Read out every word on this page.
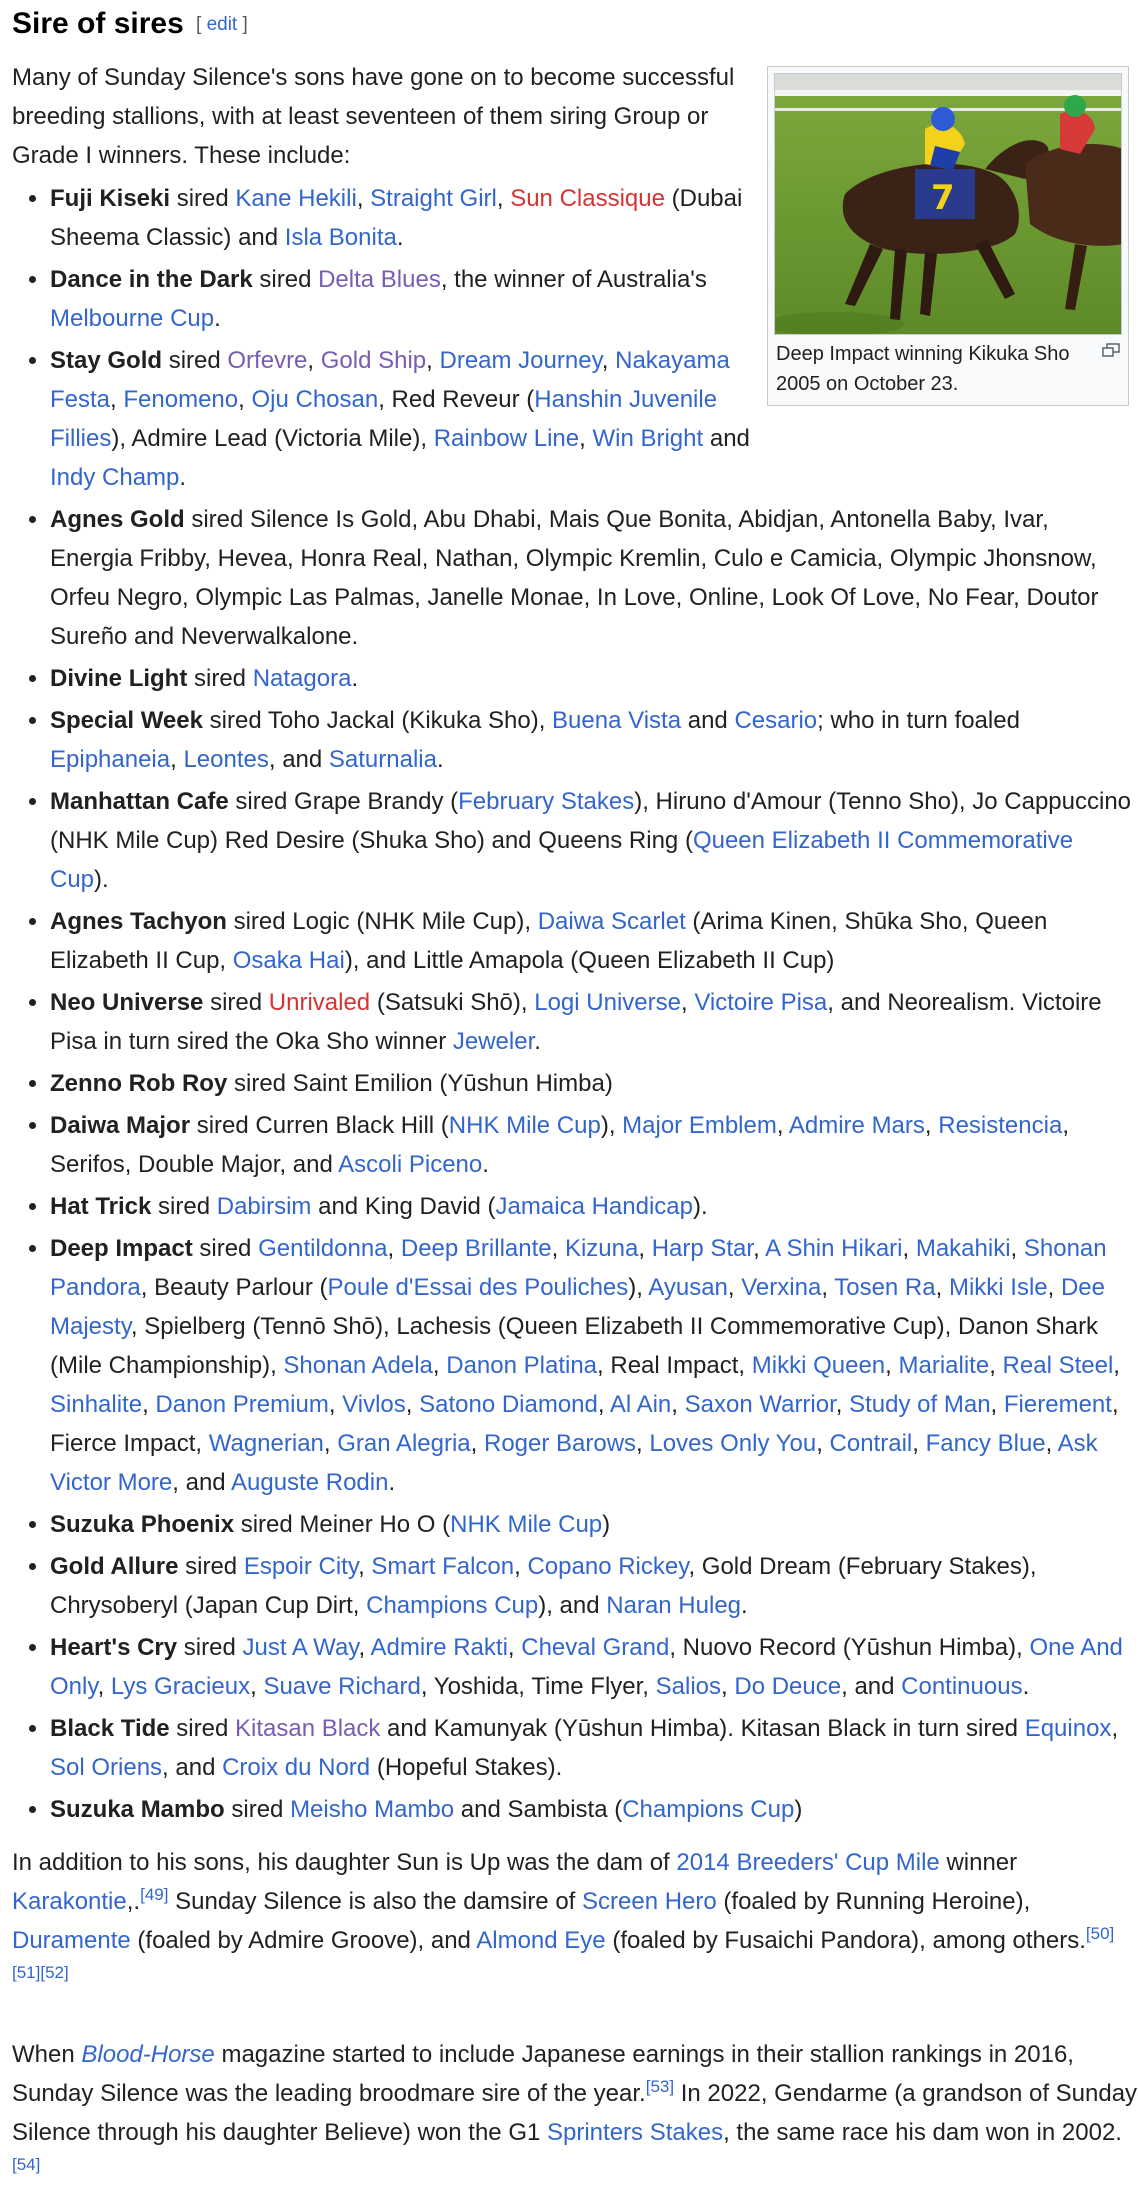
Sire of sires [ edit ]
7
Deep Impact winning Kikuka Sho 2005 on October 23.

Many of Sunday Silence's sons have gone on to become successful breeding stallions, with at least seventeen of them siring Group or Grade I winners. These include:

• Fuji Kiseki sired Kane Hekili, Straight Girl, Sun Classique (Dubai Sheema Classic) and Isla Bonita.
• Dance in the Dark sired Delta Blues, the winner of Australia's Melbourne Cup.
• Stay Gold sired Orfevre, Gold Ship, Dream Journey, Nakayama Festa, Fenomeno, Oju Chosan, Red Reveur (Hanshin Juvenile Fillies), Admire Lead (Victoria Mile), Rainbow Line, Win Bright and Indy Champ.
• Agnes Gold sired Silence Is Gold, Abu Dhabi, Mais Que Bonita, Abidjan, Antonella Baby, Ivar, Energia Fribby, Hevea, Honra Real, Nathan, Olympic Kremlin, Culo e Camicia, Olympic Jhonsnow, Orfeu Negro, Olympic Las Palmas, Janelle Monae, In Love, Online, Look Of Love, No Fear, Doutor Sureño and Neverwalkalone.
• Divine Light sired Natagora.
• Special Week sired Toho Jackal (Kikuka Sho), Buena Vista and Cesario; who in turn foaled Epiphaneia, Leontes, and Saturnalia.
• Manhattan Cafe sired Grape Brandy (February Stakes), Hiruno d'Amour (Tenno Sho), Jo Cappuccino (NHK Mile Cup) Red Desire (Shuka Sho) and Queens Ring (Queen Elizabeth II Commemorative Cup).
• Agnes Tachyon sired Logic (NHK Mile Cup), Daiwa Scarlet (Arima Kinen, Shūka Sho, Queen Elizabeth II Cup, Osaka Hai), and Little Amapola (Queen Elizabeth II Cup)
• Neo Universe sired Unrivaled (Satsuki Shō), Logi Universe, Victoire Pisa, and Neorealism. Victoire Pisa in turn sired the Oka Sho winner Jeweler.
• Zenno Rob Roy sired Saint Emilion (Yūshun Himba)
• Daiwa Major sired Curren Black Hill (NHK Mile Cup), Major Emblem, Admire Mars, Resistencia, Serifos, Double Major, and Ascoli Piceno.
• Hat Trick sired Dabirsim and King David (Jamaica Handicap).
• Deep Impact sired Gentildonna, Deep Brillante, Kizuna, Harp Star, A Shin Hikari, Makahiki, Shonan Pandora, Beauty Parlour (Poule d'Essai des Pouliches), Ayusan, Verxina, Tosen Ra, Mikki Isle, Dee Majesty, Spielberg (Tennō Shō), Lachesis (Queen Elizabeth II Commemorative Cup), Danon Shark (Mile Championship), Shonan Adela, Danon Platina, Real Impact, Mikki Queen, Marialite, Real Steel, Sinhalite, Danon Premium, Vivlos, Satono Diamond, Al Ain, Saxon Warrior, Study of Man, Fierement, Fierce Impact, Wagnerian, Gran Alegria, Roger Barows, Loves Only You, Contrail, Fancy Blue, Ask Victor More, and Auguste Rodin.
• Suzuka Phoenix sired Meiner Ho O (NHK Mile Cup)
• Gold Allure sired Espoir City, Smart Falcon, Copano Rickey, Gold Dream (February Stakes), Chrysoberyl (Japan Cup Dirt, Champions Cup), and Naran Huleg.
• Heart's Cry sired Just A Way, Admire Rakti, Cheval Grand, Nuovo Record (Yūshun Himba), One And Only, Lys Gracieux, Suave Richard, Yoshida, Time Flyer, Salios, Do Deuce, and Continuous.
• Black Tide sired Kitasan Black and Kamunyak (Yūshun Himba). Kitasan Black in turn sired Equinox, Sol Oriens, and Croix du Nord (Hopeful Stakes).
• Suzuka Mambo sired Meisho Mambo and Sambista (Champions Cup)

In addition to his sons, his daughter Sun is Up was the dam of 2014 Breeders' Cup Mile winner Karakontie,.[49] Sunday Silence is also the damsire of Screen Hero (foaled by Running Heroine), Duramente (foaled by Admire Groove), and Almond Eye (foaled by Fusaichi Pandora), among others.[50][51][52]

When Blood-Horse magazine started to include Japanese earnings in their stallion rankings in 2016, Sunday Silence was the leading broodmare sire of the year.[53] In 2022, Gendarme (a grandson of Sunday Silence through his daughter Believe) won the G1 Sprinters Stakes, the same race his dam won in 2002.[54]
